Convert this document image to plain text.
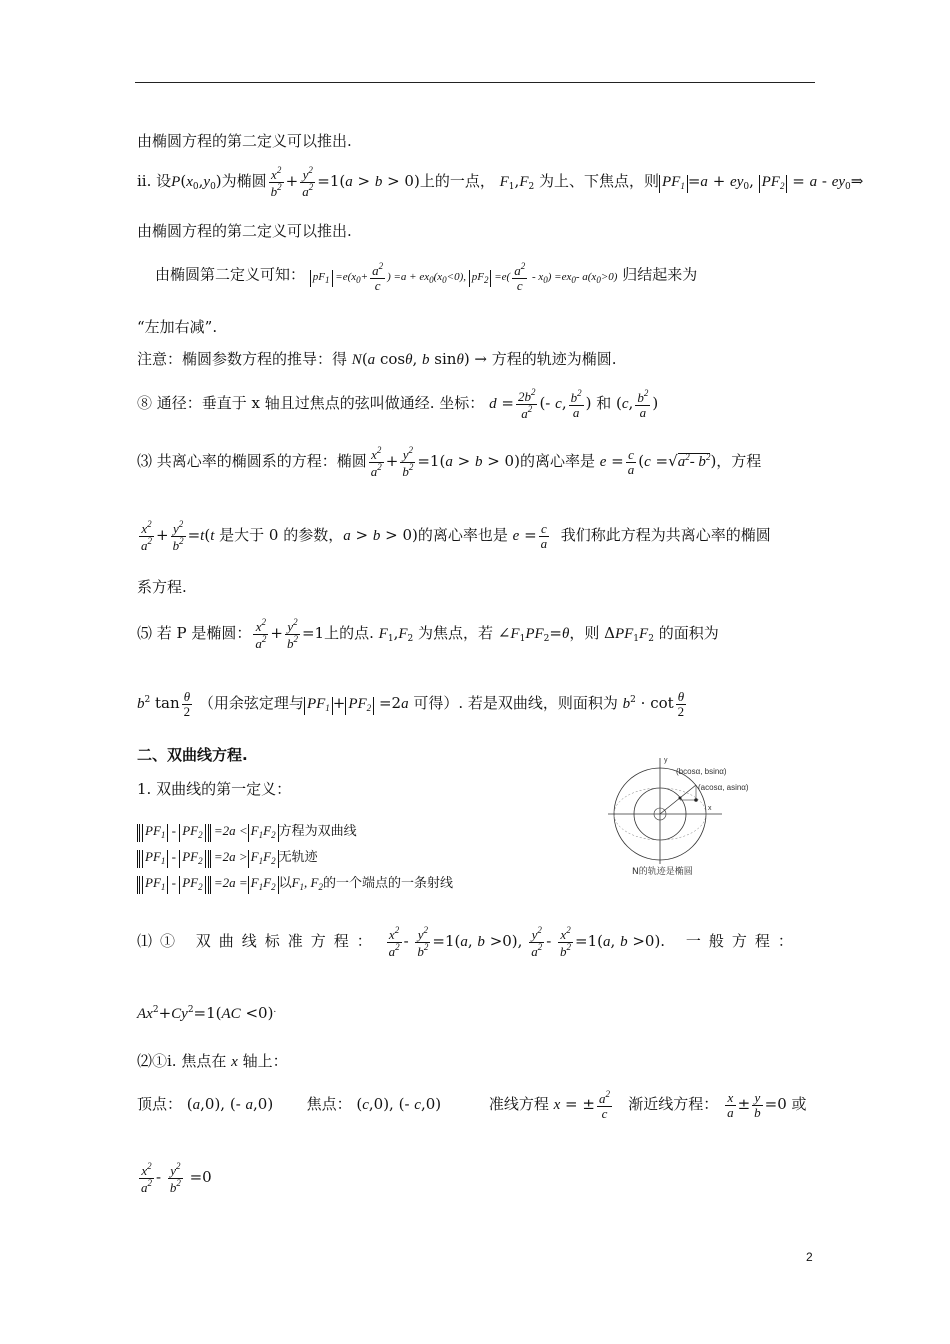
由椭圆方程的第二定义可以推出.
ii. 设$P(x_0,y_0)$为椭圆 $\frac{x^2}{b^2} + \frac{y^2}{a^2} =1(a > b > 0)$上的一点， $F_1,F_2$ 为上、下焦点，则 $PF_1 =a + ey_0$, $PF_2 = a$ - $ey_0\Rightarrow$
由椭圆方程的第二定义可以推出.
由椭圆第二定义可知： $pF_1 =e(x_0+ \frac{a^2}{c}$ ) $=a + ex_0(x_0<0)$, $pF_2 =e( \frac{a^2}{c} - x_0) =ex_0-$ $a(x_0>0)$ 归结起来为
“左加右减”.
注意：椭圆参数方程的推导：得 N(a cosθ, b sinθ) → 方程的轨迹为椭圆.
⑧ 通径：垂直于 x 轴且过焦点的弦叫做通经. 坐标： $d = \frac{2b^2}{a^2}$ (- c, $\frac{b^2}{a}$ ) 和 (c, $\frac{b^2}{a}$ )
⑶ 共离心率的椭圆系的方程：椭圆 $\frac{x^2}{a^2} + \frac{y^2}{b^2} =1(a > b > 0)$的离心率是 $e = \frac{c}{a} (c =√a^2-$ $b^2$)，方程
$\frac{x^2}{a^2} + \frac{y^2}{b^2} =t(t$ 是大于 0 的参数，a > b > 0)的离心率也是 $e = \frac{c}{a}$ 我们称此方程为共离心率的椭圆
系方程.
⑸ 若 P 是椭圆： $\frac{x^2}{a^2} + \frac{y^2}{b^2} =1$上的点. $F_1,F_2$ 为焦点，若 $\angle F_1PF_2=\theta$，则 $\Delta PF_1F_2$ 的面积为
$b^2$ $\tan \frac{\theta}{2}$ （用余弦定理与 $PF_1 + PF_2 =2a$ 可得）. 若是双曲线，则面积为 $b^2 \cdot \cot \frac{\theta}{2}$
二、双曲线方程.
1. 双曲线的第一定义：
$PF_1 - PF_2 =2a < F_1F_2$ 方程为双曲线
$PF_1 - PF_2 =2a > F_1F_2$ 无轨迹
$PF_1 - PF_2 =2a = F_1F_2$ 以$F_1$, $F_2$的一个端点的一条射线
(bcosα, bsinα)
(acosα, asinα)
y
x
N的轨迹是椭圆
⑴① 双曲线标准方程： $\frac{x^2}{a^2} - \frac{y^2}{b^2} =1(a$, b >0), $\frac{y^2}{a^2} - \frac{x^2}{b^2} =1(a$, b >0). 一般方程：
$Ax^2+Cy^2=1(AC <0)^.$
⑵①i. 焦点在 x 轴上：
顶点： (a,0), (- a,0)       焦点： (c,0), (- c,0)          准线方程 x = ± $\frac{a^2}{c}$ 渐近线方程： $\frac{x}{a} \pm \frac{y}{b} =0$ 或
$\frac{x^2}{a^2} - \frac{y^2}{b^2} =0$
2
